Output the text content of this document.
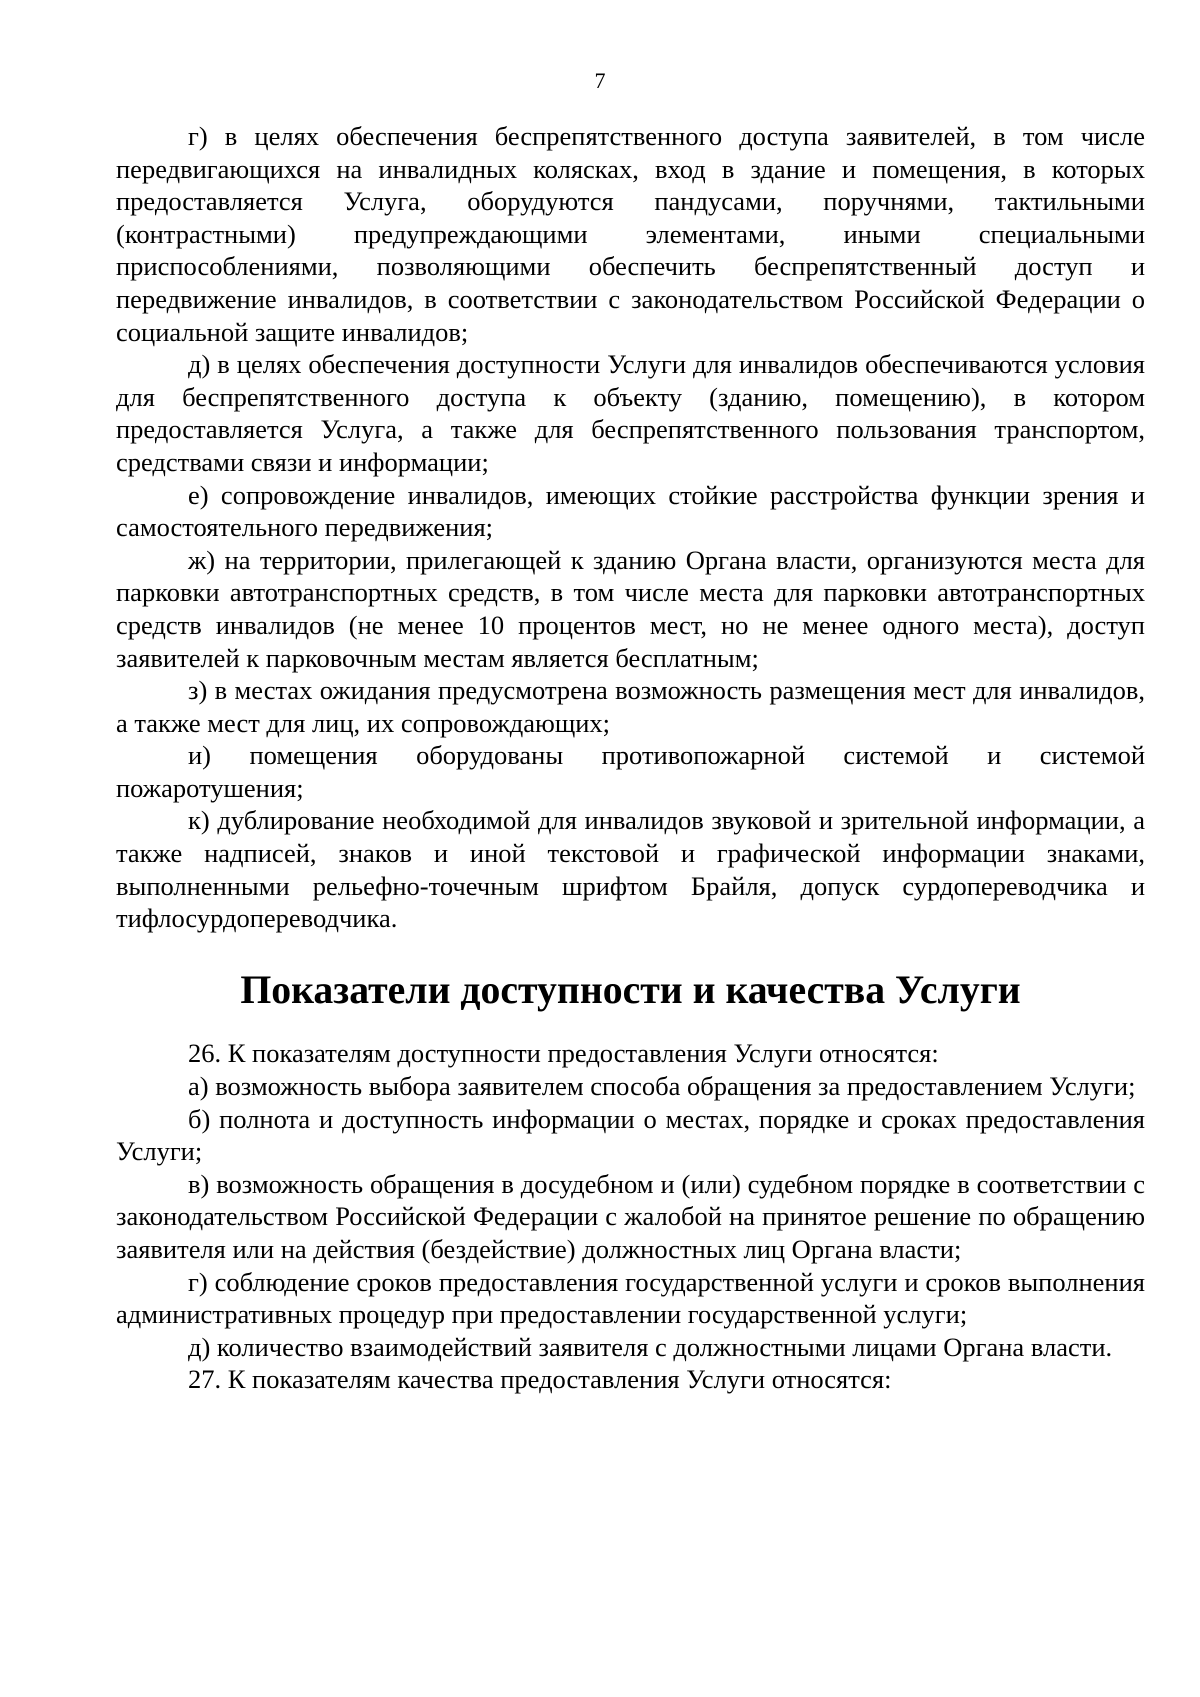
7

г) в целях обеспечения беспрепятственного доступа заявителей, в том числе передвигающихся на инвалидных колясках, вход в здание и помещения, в которых предоставляется Услуга, оборудуются пандусами, поручнями, тактильными (контрастными) предупреждающими элементами, иными специальными приспособлениями, позволяющими обеспечить беспрепятственный доступ и передвижение инвалидов, в соответствии с законодательством Российской Федерации о социальной защите инвалидов;

д) в целях обеспечения доступности Услуги для инвалидов обеспечиваются условия для беспрепятственного доступа к объекту (зданию, помещению), в котором предоставляется Услуга, а также для беспрепятственного пользования транспортом, средствами связи и информации;

е) сопровождение инвалидов, имеющих стойкие расстройства функции зрения и самостоятельного передвижения;

ж) на территории, прилегающей к зданию Органа власти, организуются места для парковки автотранспортных средств, в том числе места для парковки автотранспортных средств инвалидов (не менее 10 процентов мест, но не менее одного места), доступ заявителей к парковочным местам является бесплатным;

з) в местах ожидания предусмотрена возможность размещения мест для инвалидов, а также мест для лиц, их сопровождающих;

и) помещения оборудованы противопожарной системой и системой пожаротушения;

к) дублирование необходимой для инвалидов звуковой и зрительной информации, а также надписей, знаков и иной текстовой и графической информации знаками, выполненными рельефно-точечным шрифтом Брайля, допуск сурдопереводчика и тифлосурдопереводчика.

Показатели доступности и качества Услуги

26. К показателям доступности предоставления Услуги относятся:

а) возможность выбора заявителем способа обращения за предоставлением Услуги;

б) полнота и доступность информации о местах, порядке и сроках предоставления Услуги;

в) возможность обращения в досудебном и (или) судебном порядке в соответствии с законодательством Российской Федерации с жалобой на принятое решение по обращению заявителя или на действия (бездействие) должностных лиц Органа власти;

г) соблюдение сроков предоставления государственной услуги и сроков выполнения административных процедур при предоставлении государственной услуги;

д) количество взаимодействий заявителя с должностными лицами Органа власти.

27. К показателям качества предоставления Услуги относятся:
